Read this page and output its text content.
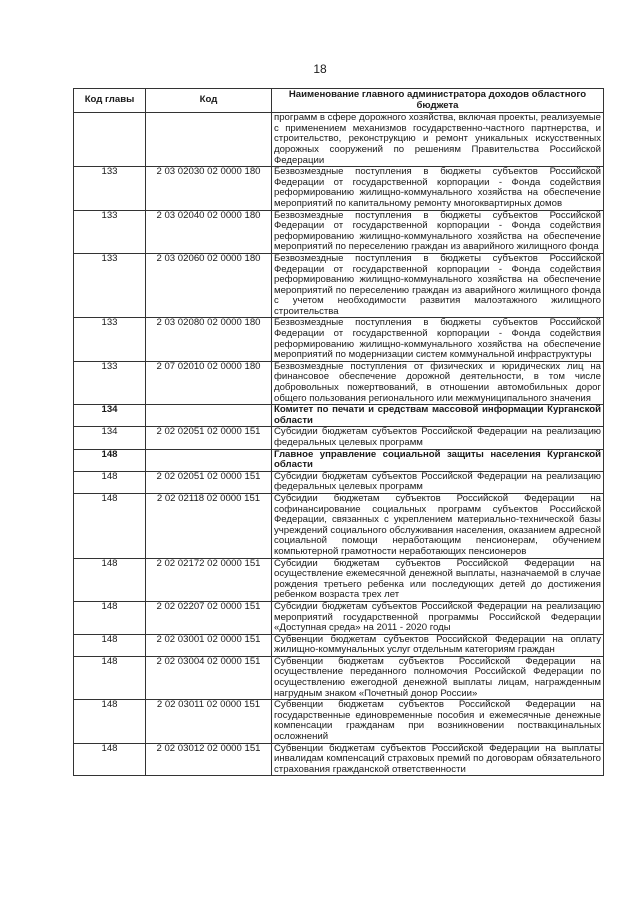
18
Код главы	Код	Наименование главного администратора доходов областного бюджета
		программ в сфере дорожного хозяйства, включая проекты, реализуемые с применением механизмов государственно-частного партнерства, и строительство, реконструкцию и ремонт уникальных искусственных дорожных сооружений по решениям Правительства Российской Федерации
133	2 03 02030 02 0000 180	Безвозмездные поступления в бюджеты субъектов Российской Федерации от государственной корпорации - Фонда содействия реформированию жилищно-коммунального хозяйства на обеспечение мероприятий по капитальному ремонту многоквартирных домов
133	2 03 02040 02 0000 180	Безвозмездные поступления в бюджеты субъектов Российской Федерации от государственной корпорации - Фонда содействия реформированию жилищно-коммунального хозяйства на обеспечение мероприятий по переселению граждан из аварийного жилищного фонда
133	2 03 02060 02 0000 180	Безвозмездные поступления в бюджеты субъектов Российской Федерации от государственной корпорации - Фонда содействия реформированию жилищно-коммунального хозяйства на обеспечение мероприятий по переселению граждан из аварийного жилищного фонда с учетом необходимости развития малоэтажного жилищного строительства
133	2 03 02080 02 0000 180	Безвозмездные поступления в бюджеты субъектов Российской Федерации от государственной корпорации - Фонда содействия реформированию жилищно-коммунального хозяйства на обеспечение мероприятий по модернизации систем коммунальной инфраструктуры
133	2 07 02010 02 0000 180	Безвозмездные поступления от физических и юридических лиц на финансовое обеспечение дорожной деятельности, в том числе добровольных пожертвований, в отношении автомобильных дорог общего пользования регионального или межмуниципального значения
134		Комитет по печати и средствам массовой информации Курганской области
134	2 02 02051 02 0000 151	Субсидии бюджетам субъектов Российской Федерации на реализацию федеральных целевых программ
148		Главное управление социальной защиты населения Курганской области
148	2 02 02051 02 0000 151	Субсидии бюджетам субъектов Российской Федерации на реализацию федеральных целевых программ
148	2 02 02118 02 0000 151	Субсидии бюджетам субъектов Российской Федерации на софинансирование социальных программ субъектов Российской Федерации, связанных с укреплением материально-технической базы учреждений социального обслуживания населения, оказанием адресной социальной помощи неработающим пенсионерам, обучением компьютерной грамотности неработающих пенсионеров
148	2 02 02172 02 0000 151	Субсидии бюджетам субъектов Российской Федерации на осуществление ежемесячной денежной выплаты, назначаемой в случае рождения третьего ребенка или последующих детей до достижения ребенком возраста трех лет
148	2 02 02207 02 0000 151	Субсидии бюджетам субъектов Российской Федерации на реализацию мероприятий государственной программы Российской Федерации «Доступная среда» на 2011 - 2020 годы
148	2 02 03001 02 0000 151	Субвенции бюджетам субъектов Российской Федерации на оплату жилищно-коммунальных услуг отдельным категориям граждан
148	2 02 03004 02 0000 151	Субвенции бюджетам субъектов Российской Федерации на осуществление переданного полномочия Российской Федерации по осуществлению ежегодной денежной выплаты лицам, награжденным нагрудным знаком «Почетный донор России»
148	2 02 03011 02 0000 151	Субвенции бюджетам субъектов Российской Федерации на государственные единовременные пособия и ежемесячные денежные компенсации гражданам при возникновении поствакцинальных осложнений
148	2 02 03012 02 0000 151	Субвенции бюджетам субъектов Российской Федерации на выплаты инвалидам компенсаций страховых премий по договорам обязательного страхования гражданской ответственности
